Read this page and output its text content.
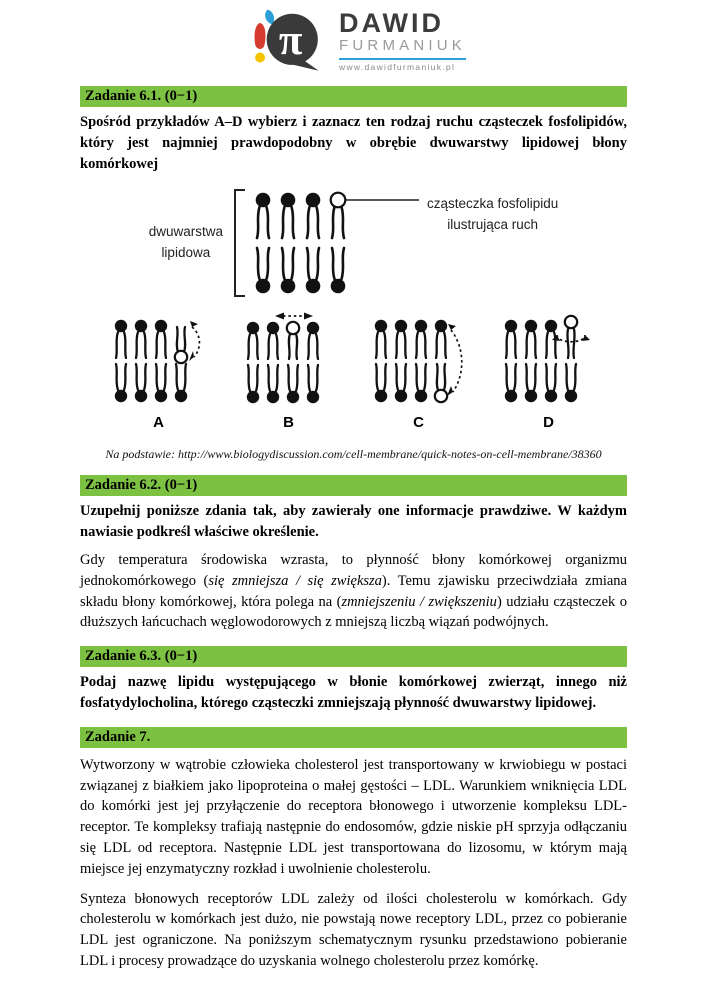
π DAWID
FURMANIUK
www.dawidfurmaniuk.pl
Zadanie 6.1. (0−1)

Spośród przykładów A–D wybierz i zaznacz ten rodzaj ruchu cząsteczek fosfolipidów, który jest najmniej prawdopodobny w obrębie dwuwarstwy lipidowej błony komórkowej

dwuwarstwa
lipidowa
cząsteczka fosfolipidu
ilustrująca ruch
A	B	C	D
Na podstawie: http://www.biologydiscussion.com/cell-membrane/quick-notes-on-cell-membrane/38360
Zadanie 6.2. (0−1)

Uzupełnij poniższe zdania tak, aby zawierały one informacje prawdziwe. W każdym nawiasie podkreśl właściwe określenie.

Gdy temperatura środowiska wzrasta, to płynność błony komórkowej organizmu jednokomórkowego (się zmniejsza / się zwiększa). Temu zjawisku przeciwdziała zmiana składu błony komórkowej, która polega na (zmniejszeniu / zwiększeniu) udziału cząsteczek o dłuższych łańcuchach węglowodorowych z mniejszą liczbą wiązań podwójnych.

Zadanie 6.3. (0−1)

Podaj nazwę lipidu występującego w błonie komórkowej zwierząt, innego niż fosfatydylocholina, którego cząsteczki zmniejszają płynność dwuwarstwy lipidowej.

Zadanie 7.

Wytworzony w wątrobie człowieka cholesterol jest transportowany w krwiobiegu w postaci związanej z białkiem jako lipoproteina o małej gęstości – LDL. Warunkiem wniknięcia LDL do komórki jest jej przyłączenie do receptora błonowego i utworzenie kompleksu LDL-receptor. Te kompleksy trafiają następnie do endosomów, gdzie niskie pH sprzyja odłączaniu się LDL od receptora. Następnie LDL jest transportowana do lizosomu, w którym mają miejsce jej enzymatyczny rozkład i uwolnienie cholesterolu.

Synteza błonowych receptorów LDL zależy od ilości cholesterolu w komórkach. Gdy cholesterolu w komórkach jest dużo, nie powstają nowe receptory LDL, przez co pobieranie LDL jest ograniczone. Na poniższym schematycznym rysunku przedstawiono pobieranie LDL i procesy prowadzące do uzyskania wolnego cholesterolu przez komórkę.
